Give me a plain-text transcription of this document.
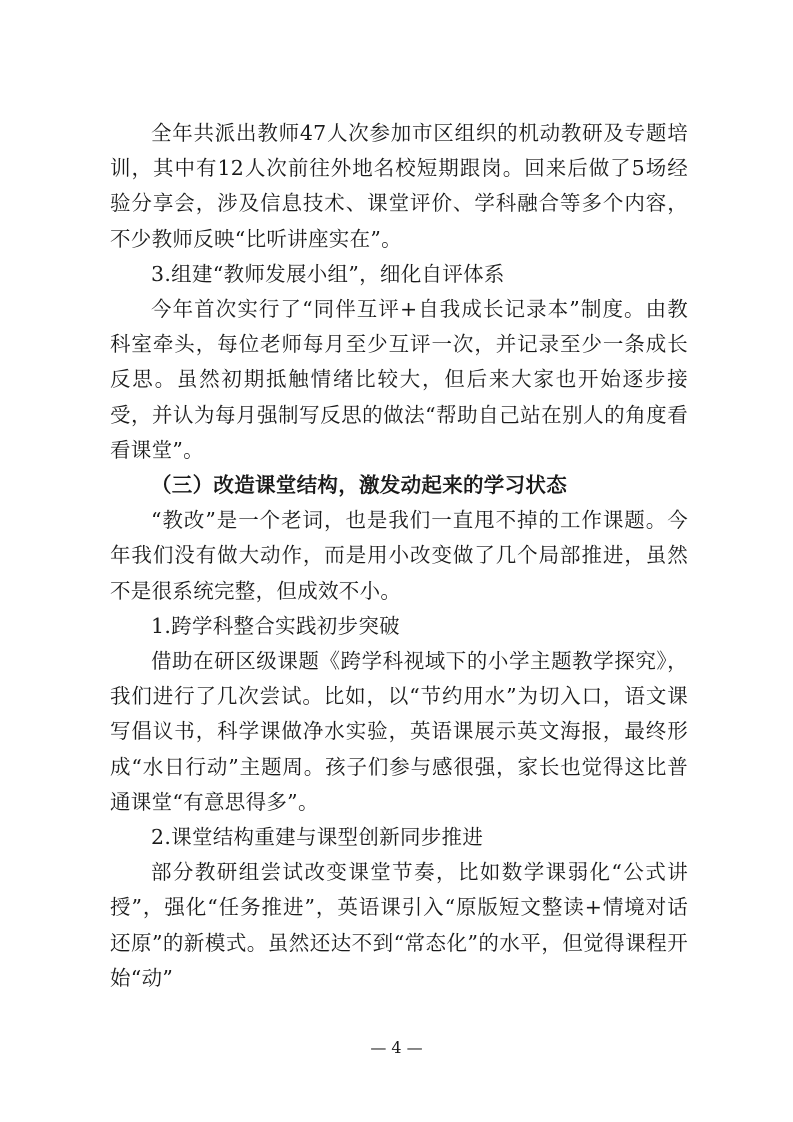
全年共派出教师47人次参加市区组织的机动教研及专题培训，其中有12人次前往外地名校短期跟岗。回来后做了5场经验分享会，涉及信息技术、课堂评价、学科融合等多个内容，不少教师反映“比听讲座实在”。

3.组建“教师发展小组”，细化自评体系

今年首次实行了“同伴互评+自我成长记录本”制度。由教科室牵头，每位老师每月至少互评一次，并记录至少一条成长反思。虽然初期抵触情绪比较大，但后来大家也开始逐步接受，并认为每月强制写反思的做法“帮助自己站在别人的角度看看课堂”。

（三）改造课堂结构，激发动起来的学习状态

“教改”是一个老词，也是我们一直甩不掉的工作课题。今年我们没有做大动作，而是用小改变做了几个局部推进，虽然不是很系统完整，但成效不小。

1.跨学科整合实践初步突破

借助在研区级课题《跨学科视域下的小学主题教学探究》，我们进行了几次尝试。比如，以“节约用水”为切入口，语文课写倡议书，科学课做净水实验，英语课展示英文海报，最终形成“水日行动”主题周。孩子们参与感很强，家长也觉得这比普通课堂“有意思得多”。

2.课堂结构重建与课型创新同步推进

部分教研组尝试改变课堂节奏，比如数学课弱化“公式讲授”，强化“任务推进”，英语课引入“原版短文整读+情境对话还原”的新模式。虽然还达不到“常态化”的水平，但觉得课程开始“动”

— 4 —
